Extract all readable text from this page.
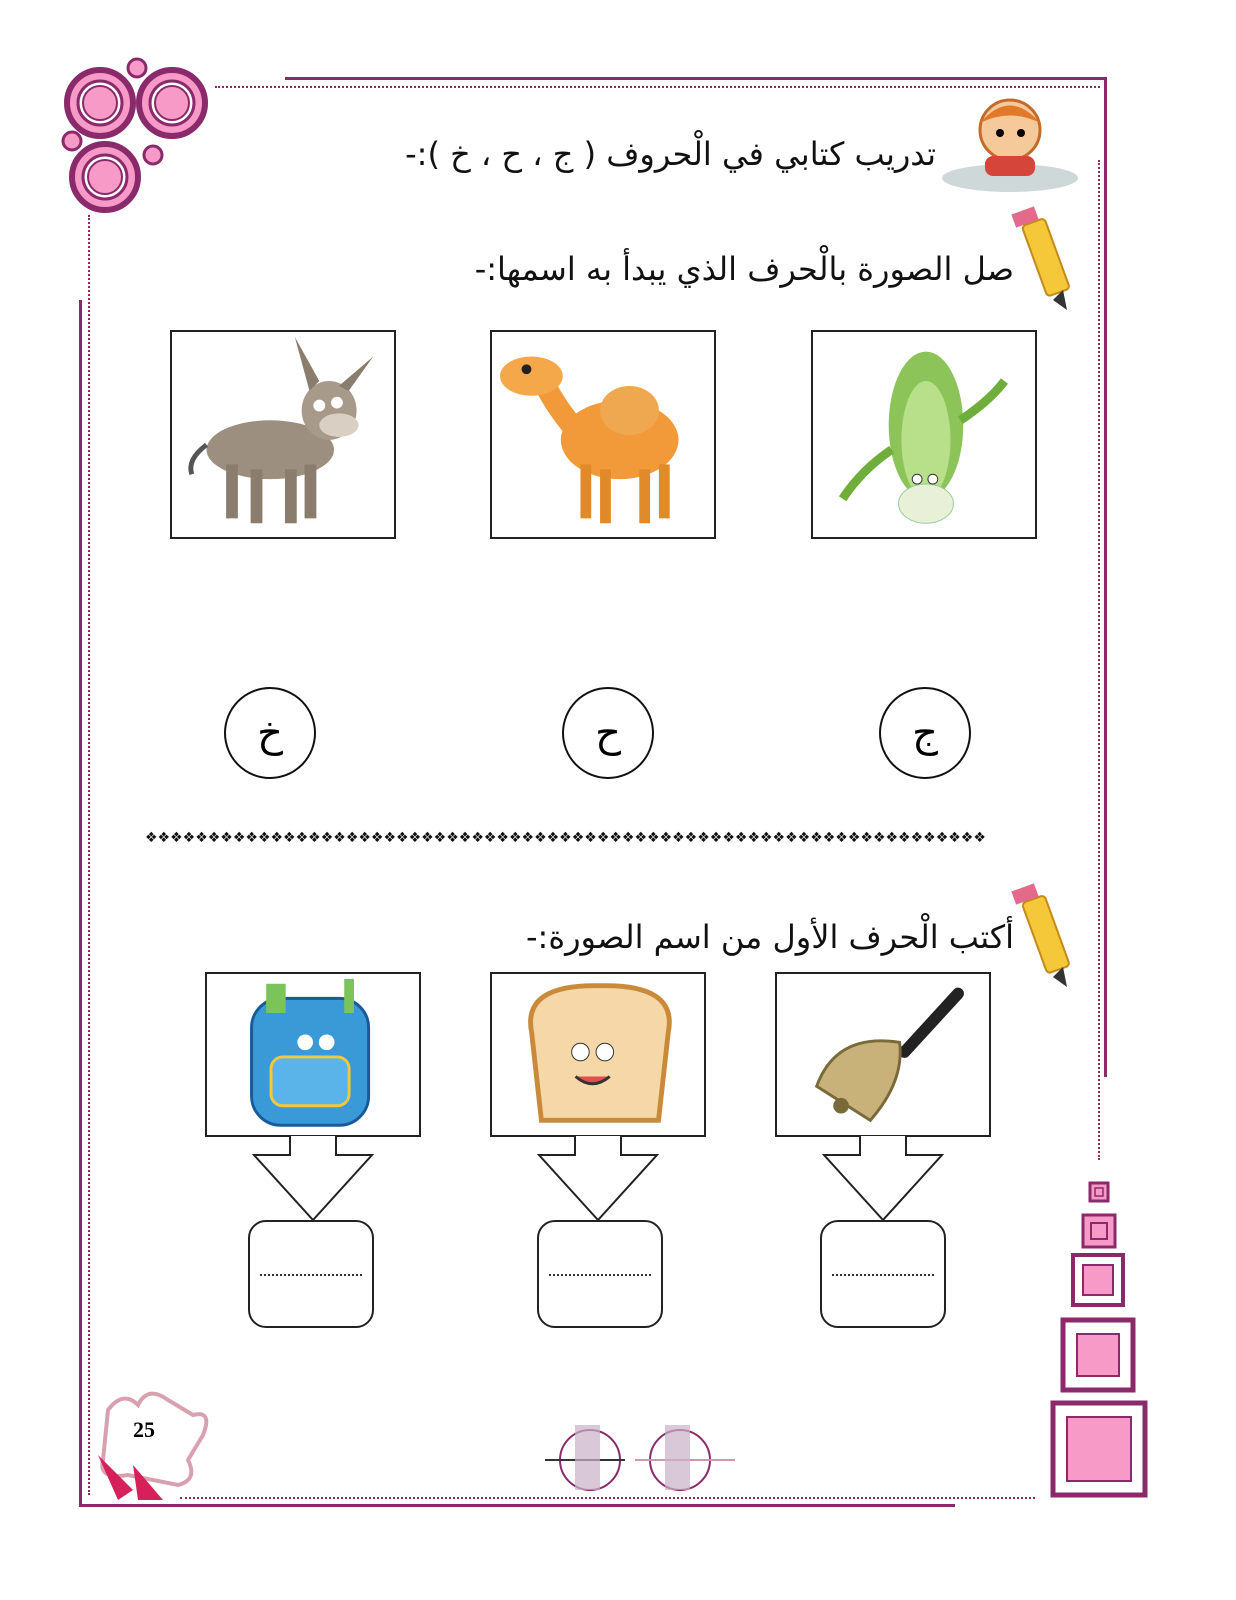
تدريب كتابي في الْحروف ( ج ، ح ، خ ):-
صل الصورة بالْحرف الذي يبدأ به اسمها:-
خ	ح	ج
❖❖❖❖❖❖❖❖❖❖❖❖❖❖❖❖❖❖❖❖❖❖❖❖❖❖❖❖❖❖❖❖❖❖❖❖❖❖❖❖❖❖❖❖❖❖❖❖❖❖❖❖❖❖❖❖❖❖❖❖❖❖❖❖❖❖❖
أكتب الْحرف الأول من اسم الصورة:-
25
